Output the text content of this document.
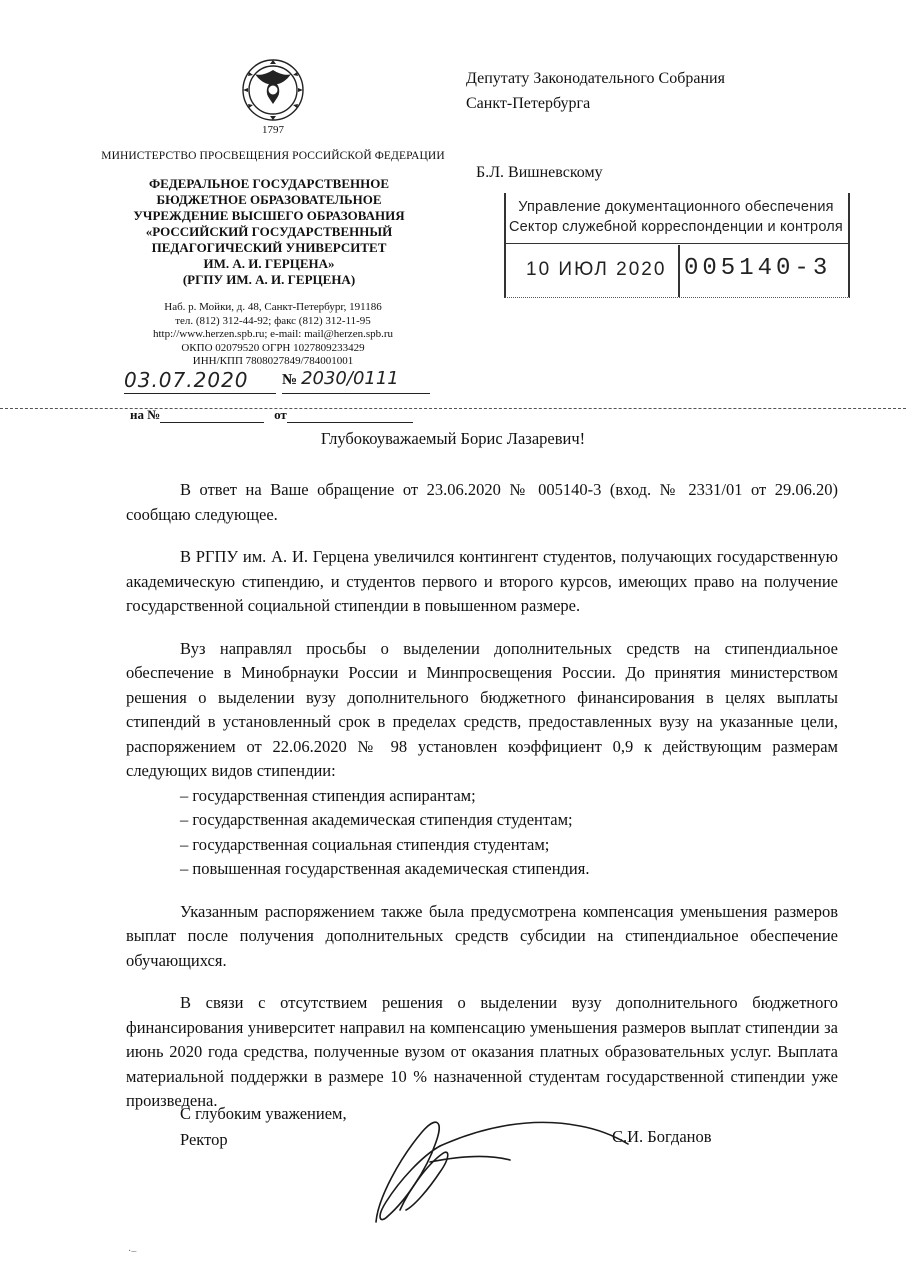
1797
МИНИСТЕРСТВО ПРОСВЕЩЕНИЯ РОССИЙСКОЙ ФЕДЕРАЦИИ
ФЕДЕРАЛЬНОЕ ГОСУДАРСТВЕННОЕ
БЮДЖЕТНОЕ ОБРАЗОВАТЕЛЬНОЕ
УЧРЕЖДЕНИЕ ВЫСШЕГО ОБРАЗОВАНИЯ
«РОССИЙСКИЙ ГОСУДАРСТВЕННЫЙ
ПЕДАГОГИЧЕСКИЙ УНИВЕРСИТЕТ
ИМ. А. И. ГЕРЦЕНА»
(РГПУ ИМ. А. И. ГЕРЦЕНА)
Наб. р. Мойки, д. 48, Санкт-Петербург, 191186
тел. (812) 312-44-92; факс (812) 312-11-95
http://www.herzen.spb.ru; e-mail: mail@herzen.spb.ru
ОКПО 02079520 ОГРН 1027809233429
ИНН/КПП 7808027849/784001001
03.07.2020	№ 2030/0111
на №	от
Депутату Законодательного Собрания
Санкт-Петербурга
Б.Л. Вишневскому
Управление документационного обеспечения
Сектор служебной корреспонденции и контроля
10 ИЮЛ 2020 005140-3
Глубокоуважаемый Борис Лазаревич!

В ответ на Ваше обращение от 23.06.2020 № 005140-3 (вход. № 2331/01 от 29.06.20) сообщаю следующее.

В РГПУ им. А. И. Герцена увеличился контингент студентов, получающих государственную академическую стипендию, и студентов первого и второго курсов, имеющих право на получение государственной социальной стипендии в повышенном размере.

Вуз направлял просьбы о выделении дополнительных средств на стипендиальное обеспечение в Минобрнауки России и Минпросвещения России. До принятия министерством решения о выделении вузу дополнительного бюджетного финансирования в целях выплаты стипендий в установленный срок в пределах средств, предоставленных вузу на указанные цели, распоряжением от 22.06.2020 № 98 установлен коэффициент 0,9 к действующим размерам следующих видов стипендии:

– государственная стипендия аспирантам;
– государственная академическая стипендия студентам;
– государственная социальная стипендия студентам;
– повышенная государственная академическая стипендия.

Указанным распоряжением также была предусмотрена компенсация уменьшения размеров выплат после получения дополнительных средств субсидии на стипендиальное обеспечение обучающихся.

В связи с отсутствием решения о выделении вузу дополнительного бюджетного финансирования университет направил на компенсацию уменьшения размеров выплат стипендии за июнь 2020 года средства, полученные вузом от оказания платных образовательных услуг. Выплата материальной поддержки в размере 10 % назначенной студентам государственной стипендии уже произведена.

С глубоким уважением,
Ректор	С.И. Богданов
·–
